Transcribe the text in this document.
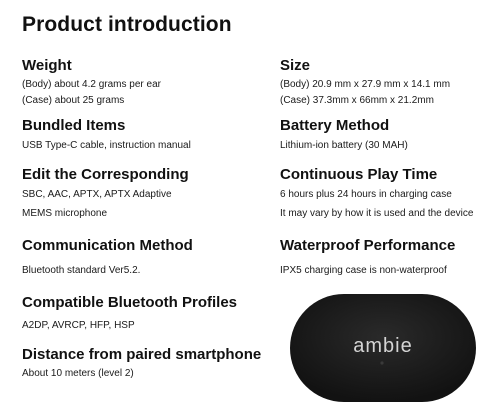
Product introduction
Weight
(Body) about 4.2 grams per ear
(Case) about 25 grams
Bundled Items
USB Type-C cable, instruction manual
Edit the Corresponding
SBC, AAC, APTX, APTX Adaptive
MEMS microphone
Communication Method
Bluetooth standard Ver5.2.
Compatible Bluetooth Profiles
A2DP, AVRCP, HFP, HSP
Distance from paired smartphone
About 10 meters (level 2)
Size
(Body) 20.9 mm x 27.9 mm x 14.1 mm
(Case) 37.3mm x 66mm x 21.2mm
Battery Method
Lithium-ion battery (30 MAH)
Continuous Play Time
6 hours plus 24 hours in charging case
It may vary by how it is used and the device
Waterproof Performance
IPX5 charging case is non-waterproof
ambie
